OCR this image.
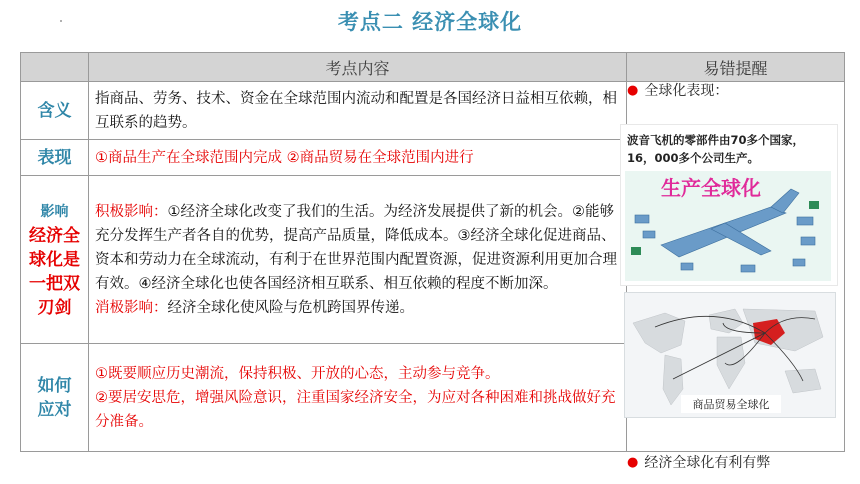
考点二 经济全球化
	考点内容	易错提醒
含义	指商品、劳务、技术、资金在全球范围内流动和配置是各国经济日益相互依赖，相互联系的趋势。	● 全球化表现：
● 经济全球化有利有弊

表现	①商品生产在全球范围内完成 ②商品贸易在全球范围内进行	

影响
经济全
球化是
一把双
刃剑	积极影响：①经济全球化改变了我们的生活。为经济发展提供了新的机会。②能够充分发挥生产者各自的优势，提高产品质量，降低成本。③经济全球化促进商品、资本和劳动力在全球流动，有利于在世界范围内配置资源，促进资源利用更加合理有效。④经济全球化也使各国经济相互联系、相互依赖的程度不断加深。
消极影响：经济全球化使风险与危机跨国界传递。	

如何
应对	①既要顺应历史潮流，保持积极、开放的心态，主动参与竞争。
②要居安思危，增强风险意识，注重国家经济安全，为应对各种困难和挑战做好充分准备。	
波音飞机的零部件由70多个国家，16，000多个公司生产。
生产全球化
商品贸易全球化
